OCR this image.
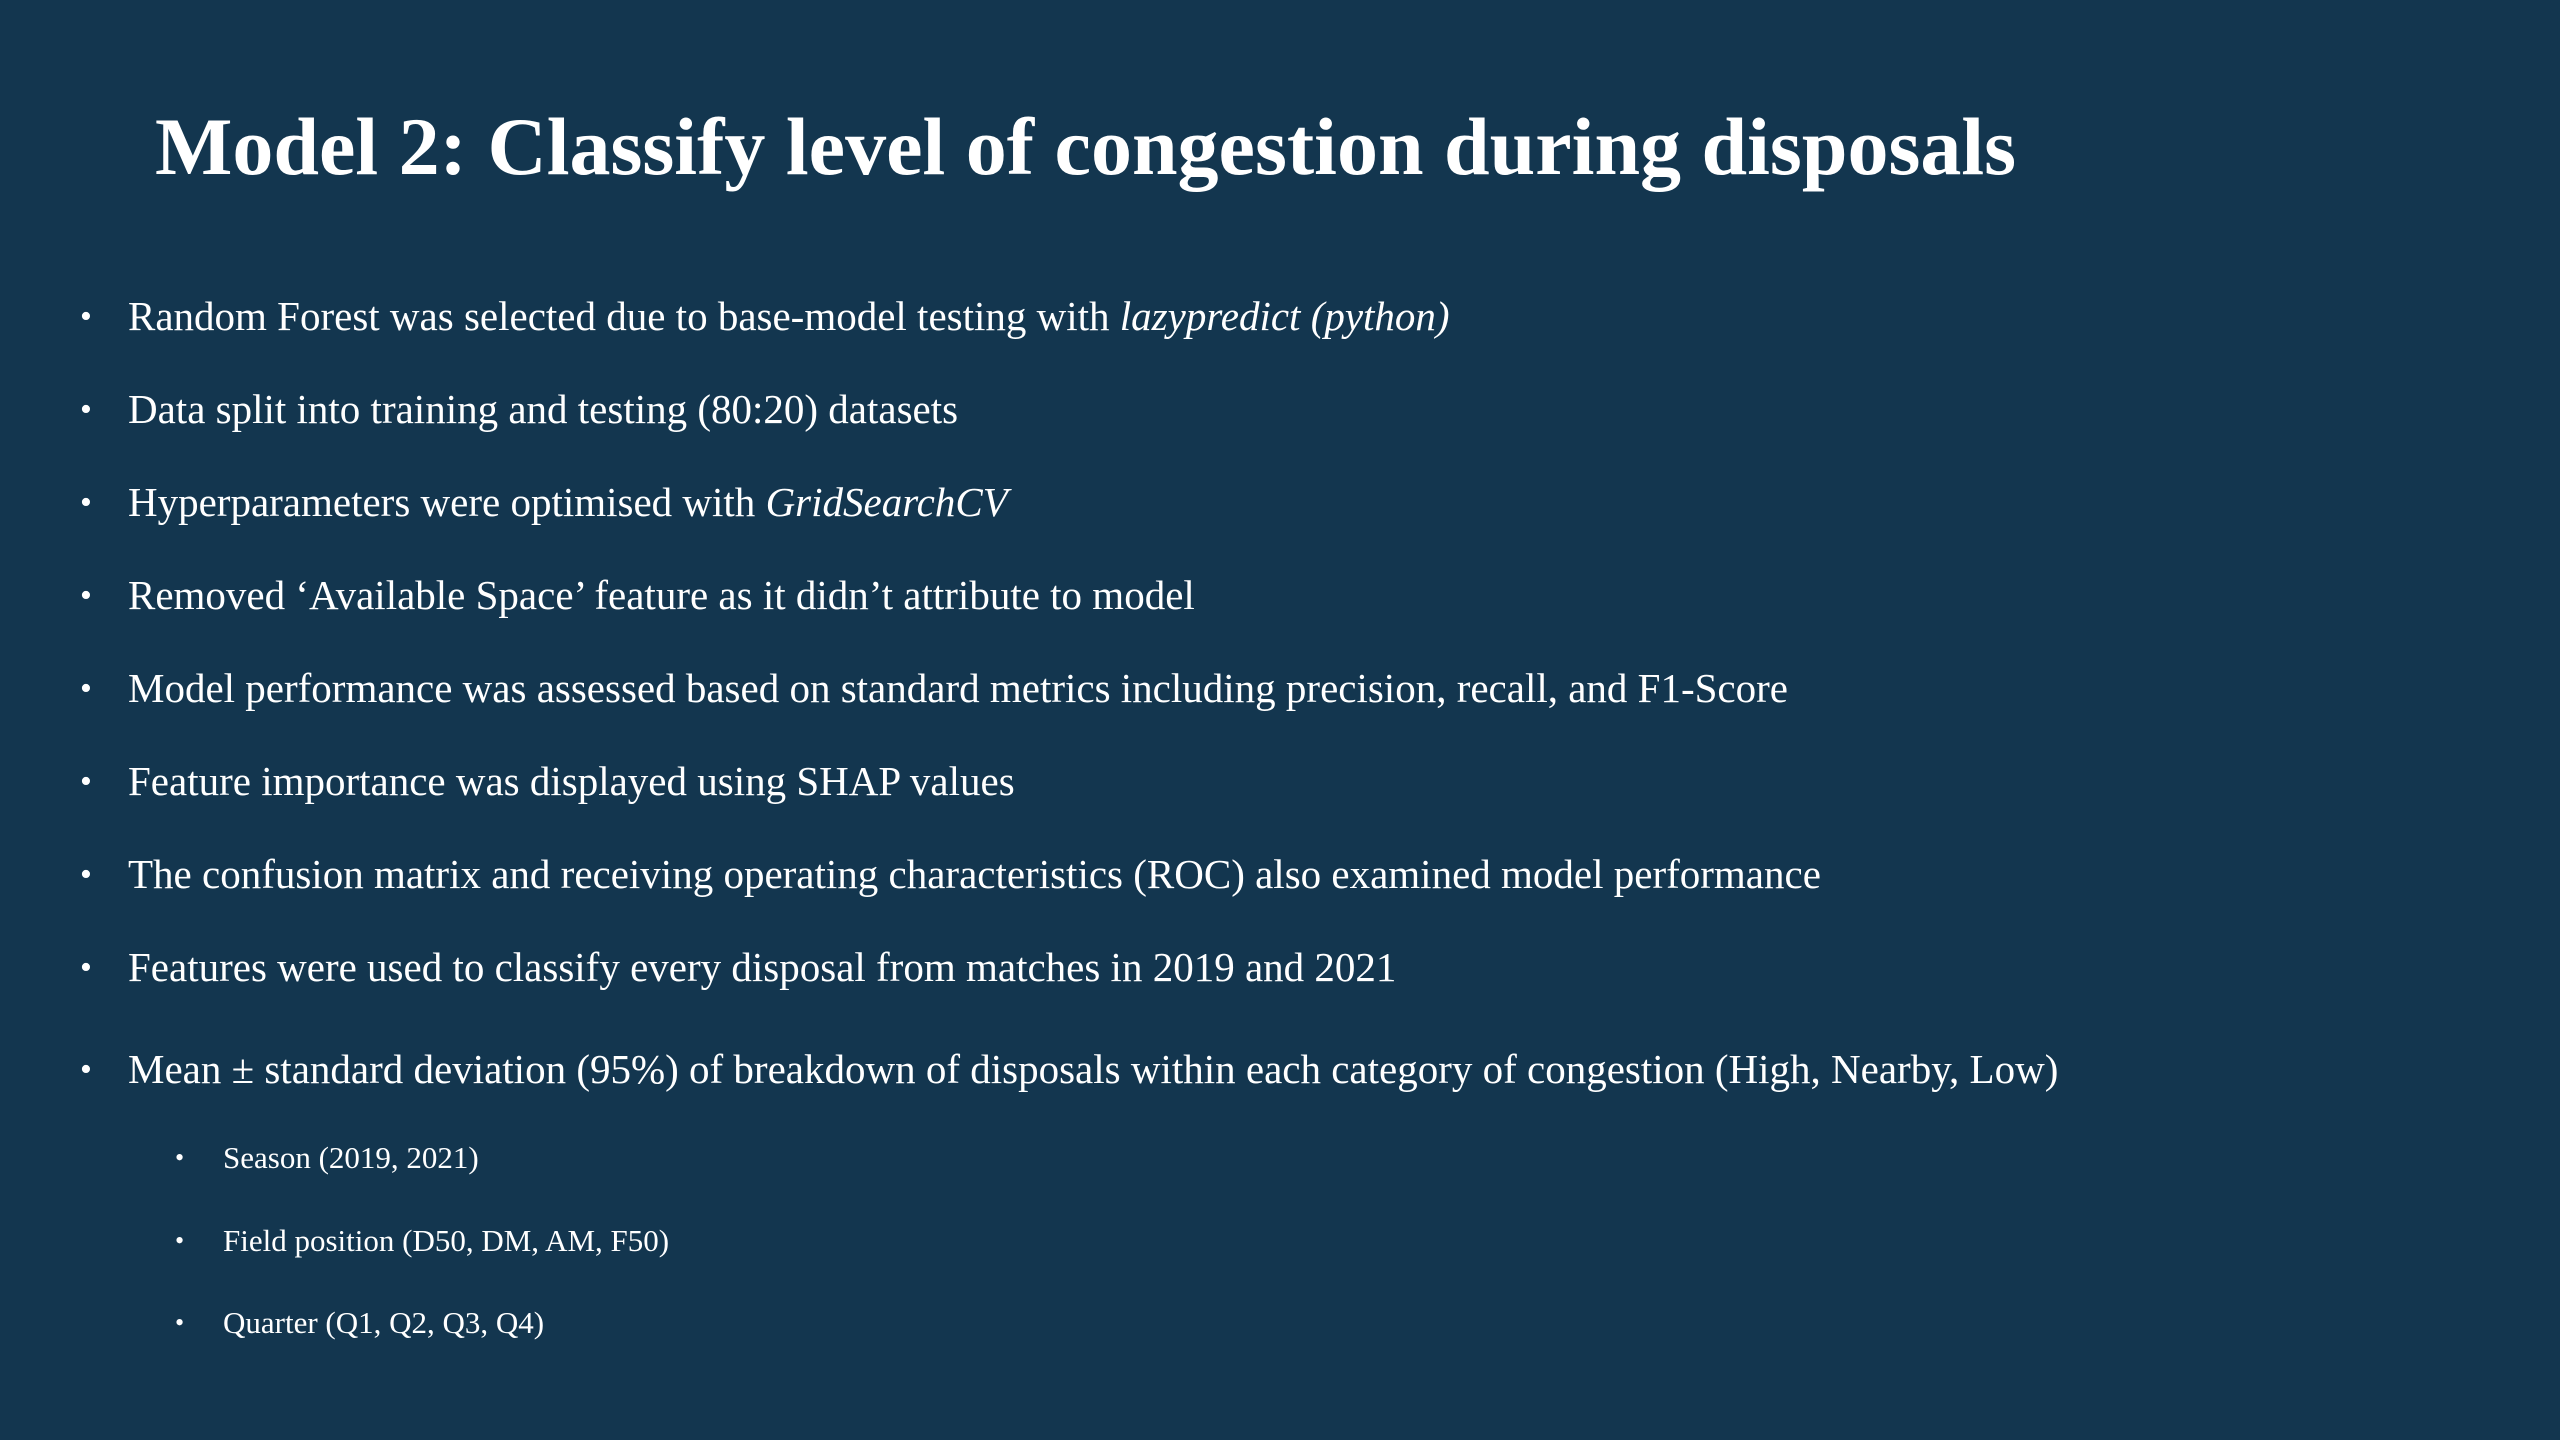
Model 2: Classify level of congestion during disposals
• Random Forest was selected due to base-model testing with lazypredict (python)
• Data split into training and testing (80:20) datasets
• Hyperparameters were optimised with GridSearchCV
• Removed ‘Available Space’ feature as it didn’t attribute to model
• Model performance was assessed based on standard metrics including precision, recall, and F1-Score
• Feature importance was displayed using SHAP values
• The confusion matrix and receiving operating characteristics (ROC) also examined model performance
• Features were used to classify every disposal from matches in 2019 and 2021
• Mean ± standard deviation (95%) of breakdown of disposals within each category of congestion (High, Nearby, Low)
• Season (2019, 2021)
• Field position (D50, DM, AM, F50)
• Quarter (Q1, Q2, Q3, Q4)
